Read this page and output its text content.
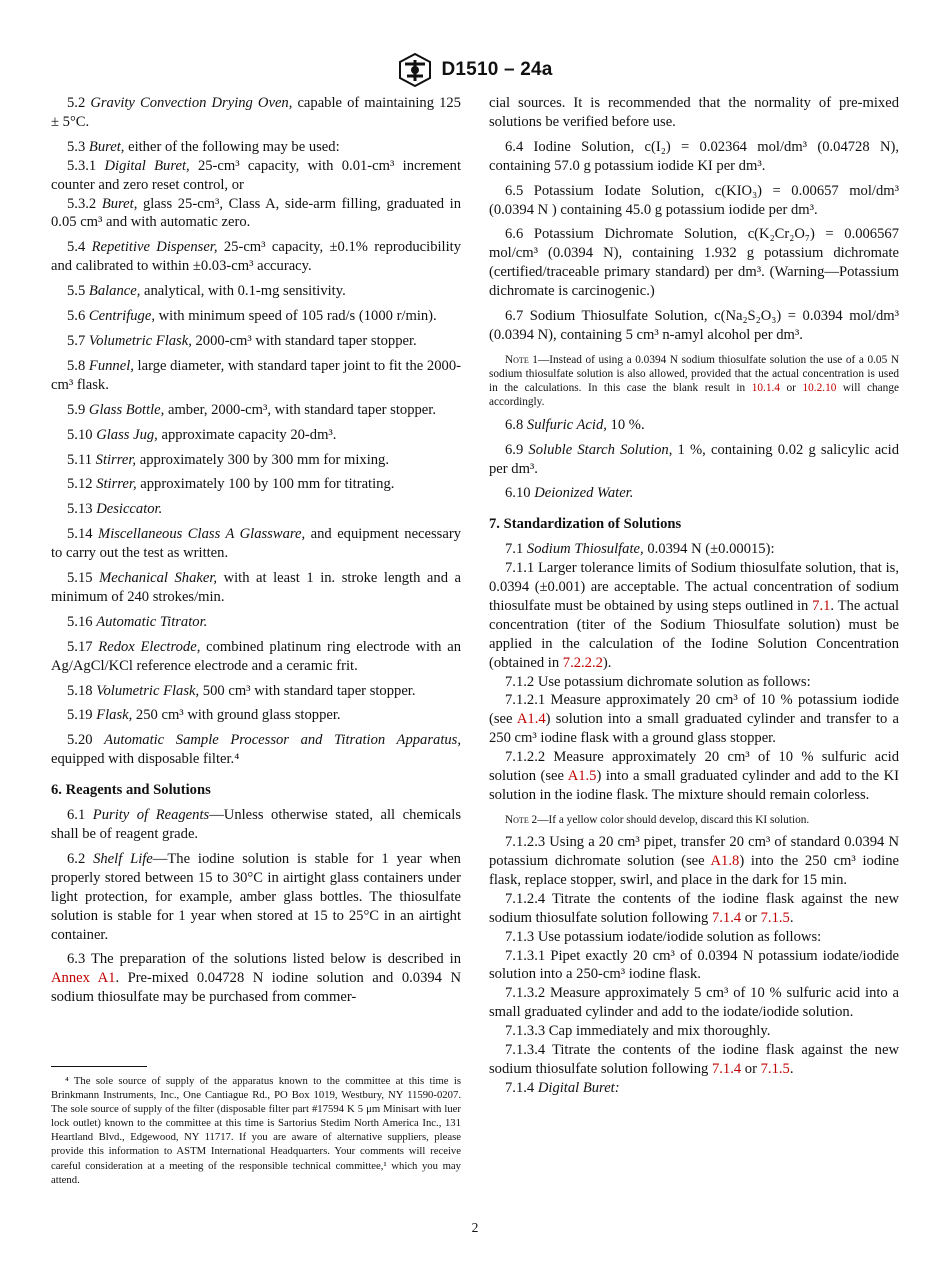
D1510 – 24a

5.2 Gravity Convection Drying Oven, capable of maintaining 125 ± 5°C.

5.3 Buret, either of the following may be used:

5.3.1 Digital Buret, 25-cm³ capacity, with 0.01-cm³ increment counter and zero reset control, or

5.3.2 Buret, glass 25-cm³, Class A, side-arm filling, graduated in 0.05 cm³ and with automatic zero.

5.4 Repetitive Dispenser, 25-cm³ capacity, ±0.1% reproducibility and calibrated to within ±0.03-cm³ accuracy.

5.5 Balance, analytical, with 0.1-mg sensitivity.

5.6 Centrifuge, with minimum speed of 105 rad/s (1000 r/min).

5.7 Volumetric Flask, 2000-cm³ with standard taper stopper.

5.8 Funnel, large diameter, with standard taper joint to fit the 2000-cm³ flask.

5.9 Glass Bottle, amber, 2000-cm³, with standard taper stopper.

5.10 Glass Jug, approximate capacity 20-dm³.

5.11 Stirrer, approximately 300 by 300 mm for mixing.

5.12 Stirrer, approximately 100 by 100 mm for titrating.

5.13 Desiccator.

5.14 Miscellaneous Class A Glassware, and equipment necessary to carry out the test as written.

5.15 Mechanical Shaker, with at least 1 in. stroke length and a minimum of 240 strokes/min.

5.16 Automatic Titrator.

5.17 Redox Electrode, combined platinum ring electrode with an Ag/AgCl/KCl reference electrode and a ceramic frit.

5.18 Volumetric Flask, 500 cm³ with standard taper stopper.

5.19 Flask, 250 cm³ with ground glass stopper.

5.20 Automatic Sample Processor and Titration Apparatus, equipped with disposable filter.⁴

6. Reagents and Solutions

6.1 Purity of Reagents—Unless otherwise stated, all chemicals shall be of reagent grade.

6.2 Shelf Life—The iodine solution is stable for 1 year when properly stored between 15 to 30°C in airtight glass containers under light protection, for example, amber glass bottles. The thiosulfate solution is stable for 1 year when stored at 15 to 25°C in an airtight container.

6.3 The preparation of the solutions listed below is described in Annex A1. Pre-mixed 0.04728 N iodine solution and 0.0394 N sodium thiosulfate may be purchased from commer-

⁴ The sole source of supply of the apparatus known to the committee at this time is Brinkmann Instruments, Inc., One Cantiague Rd., PO Box 1019, Westbury, NY 11590-0207. The sole source of supply of the filter (disposable filter part #17594 K 5 μm Minisart with luer lock outlet) known to the committee at this time is Sartorius Stedim North America Inc., 131 Heartland Blvd., Edgewood, NY 11717. If you are aware of alternative suppliers, please provide this information to ASTM International Headquarters. Your comments will receive careful consideration at a meeting of the responsible technical committee,¹ which you may attend.

cial sources. It is recommended that the normality of pre-mixed solutions be verified before use.

6.4 Iodine Solution, c(I₂) = 0.02364 mol/dm³ (0.04728 N), containing 57.0 g potassium iodide KI per dm³.

6.5 Potassium Iodate Solution, c(KIO₃) = 0.00657 mol/dm³ (0.0394 N ) containing 45.0 g potassium iodide per dm³.

6.6 Potassium Dichromate Solution, c(K₂Cr₂O₇) = 0.006567 mol/cm³ (0.0394 N), containing 1.932 g potassium dichromate (certified/traceable primary standard) per dm³. (Warning—Potassium dichromate is carcinogenic.)

6.7 Sodium Thiosulfate Solution, c(Na₂S₂O₃) = 0.0394 mol/dm³ (0.0394 N), containing 5 cm³ n-amyl alcohol per dm³.

Note 1—Instead of using a 0.0394 N sodium thiosulfate solution the use of a 0.05 N sodium thiosulfate solution is also allowed, provided that the actual concentration is used in the calculations. In this case the blank result in 10.1.4 or 10.2.10 will change accordingly.

6.8 Sulfuric Acid, 10 %.

6.9 Soluble Starch Solution, 1 %, containing 0.02 g salicylic acid per dm³.

6.10 Deionized Water.

7. Standardization of Solutions

7.1 Sodium Thiosulfate, 0.0394 N (±0.00015):

7.1.1 Larger tolerance limits of Sodium thiosulfate solution, that is, 0.0394 (±0.001) are acceptable. The actual concentration of sodium thiosulfate must be obtained by using steps outlined in 7.1. The actual concentration (titer of the Sodium Thiosulfate solution) must be applied in the calculation of the Iodine Solution Concentration (obtained in 7.2.2.2).

7.1.2 Use potassium dichromate solution as follows:

7.1.2.1 Measure approximately 20 cm³ of 10 % potassium iodide (see A1.4) solution into a small graduated cylinder and transfer to a 250 cm³ iodine flask with a ground glass stopper.

7.1.2.2 Measure approximately 20 cm³ of 10 % sulfuric acid solution (see A1.5) into a small graduated cylinder and add to the KI solution in the iodine flask. The mixture should remain colorless.

Note 2—If a yellow color should develop, discard this KI solution.

7.1.2.3 Using a 20 cm³ pipet, transfer 20 cm³ of standard 0.0394 N potassium dichromate solution (see A1.8) into the 250 cm³ iodine flask, replace stopper, swirl, and place in the dark for 15 min.

7.1.2.4 Titrate the contents of the iodine flask against the new sodium thiosulfate solution following 7.1.4 or 7.1.5.

7.1.3 Use potassium iodate/iodide solution as follows:

7.1.3.1 Pipet exactly 20 cm³ of 0.0394 N potassium iodate/iodide solution into a 250-cm³ iodine flask.

7.1.3.2 Measure approximately 5 cm³ of 10 % sulfuric acid into a small graduated cylinder and add to the iodate/iodide solution.

7.1.3.3 Cap immediately and mix thoroughly.

7.1.3.4 Titrate the contents of the iodine flask against the new sodium thiosulfate solution following 7.1.4 or 7.1.5.

7.1.4 Digital Buret:

2
